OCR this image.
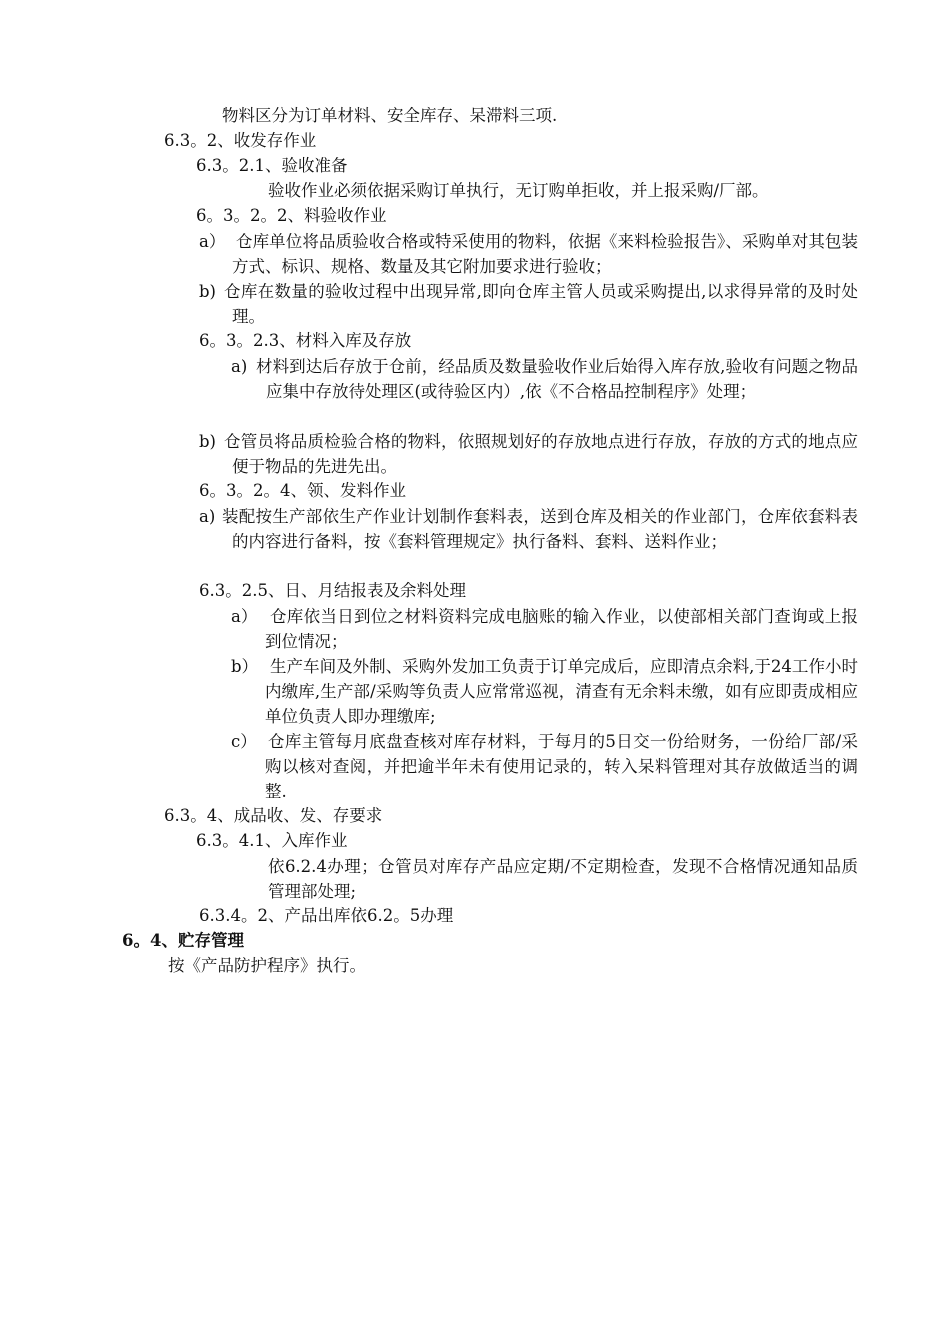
物料区分为订单材料、安全库存、呆滞料三项.
6.3。2、收发存作业
6.3。2.1、验收准备
验收作业必须依据采购订单执行，无订购单拒收，并上报采购/厂部。
6。3。2。2、料验收作业
a） 仓库单位将品质验收合格或特采使用的物料，依据《来料检验报告》、采购单对其包装方式、标识、规格、数量及其它附加要求进行验收；
b) 仓库在数量的验收过程中出现异常,即向仓库主管人员或采购提出,以求得异常的及时处理。
6。3。2.3、材料入库及存放
a) 材料到达后存放于仓前，经品质及数量验收作业后始得入库存放,验收有问题之物品应集中存放待处理区(或待验区内）,依《不合格品控制程序》处理；
b) 仓管员将品质检验合格的物料，依照规划好的存放地点进行存放，存放的方式的地点应便于物品的先进先出。
6。3。2。4、领、发料作业
a) 装配按生产部依生产作业计划制作套料表，送到仓库及相关的作业部门，仓库依套料表的内容进行备料，按《套料管理规定》执行备料、套料、送料作业；
6.3。2.5、日、月结报表及余料处理
a） 仓库依当日到位之材料资料完成电脑账的输入作业，以使部相关部门查询或上报到位情况；
b） 生产车间及外制、采购外发加工负责于订单完成后，应即清点余料,于24工作小时内缴库,生产部/采购等负责人应常常巡视，清查有无余料未缴，如有应即责成相应单位负责人即办理缴库;
c） 仓库主管每月底盘查核对库存材料，于每月的5日交一份给财务，一份给厂部/采购以核对查阅，并把逾半年未有使用记录的，转入呆料管理对其存放做适当的调整.
6.3。4、成品收、发、存要求
6.3。4.1、入库作业
依6.2.4办理；仓管员对库存产品应定期/不定期检查，发现不合格情况通知品质管理部处理;
6.3.4。2、产品出库依6.2。5办理
6。4、贮存管理
按《产品防护程序》执行。
